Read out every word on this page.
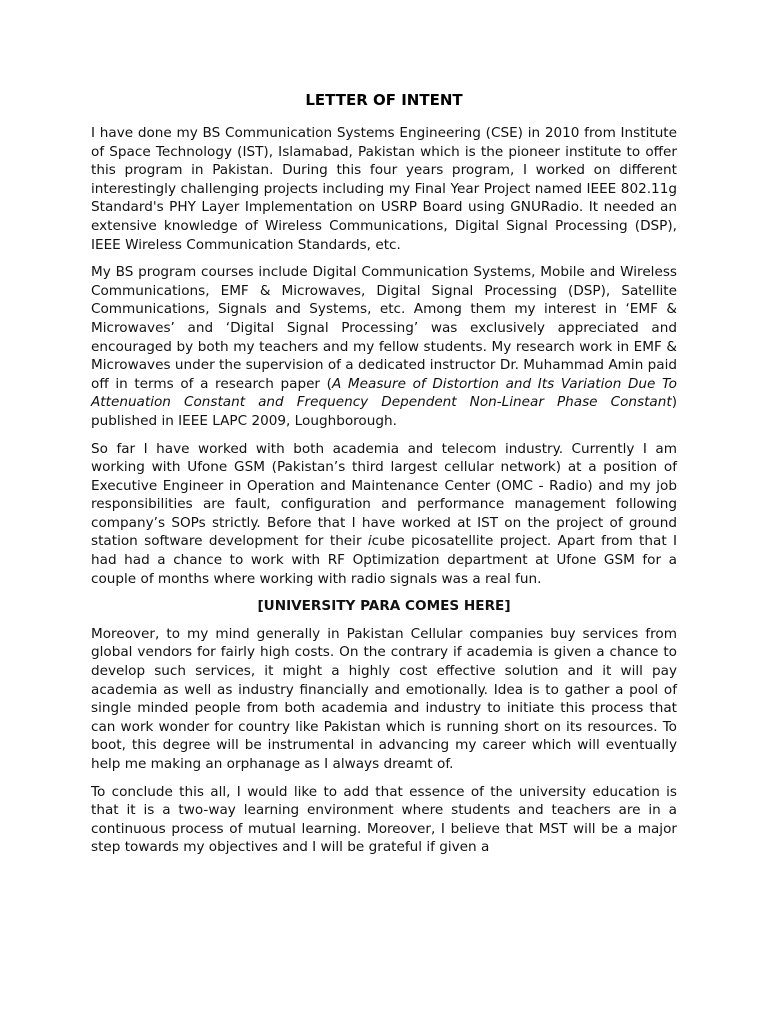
LETTER OF INTENT

I have done my BS Communication Systems Engineering (CSE) in 2010 from Institute of Space Technology (IST), Islamabad, Pakistan which is the pioneer institute to offer this program in Pakistan. During this four years program, I worked on different interestingly challenging projects including my Final Year Project named IEEE 802.11g Standard's PHY Layer Implementation on USRP Board using GNURadio. It needed an extensive knowledge of Wireless Communications, Digital Signal Processing (DSP), IEEE Wireless Communication Standards, etc.

My BS program courses include Digital Communication Systems, Mobile and Wireless Communications, EMF & Microwaves, Digital Signal Processing (DSP), Satellite Communications, Signals and Systems, etc. Among them my interest in ‘EMF & Microwaves’ and ‘Digital Signal Processing’ was exclusively appreciated and encouraged by both my teachers and my fellow students. My research work in EMF & Microwaves under the supervision of a dedicated instructor Dr. Muhammad Amin paid off in terms of a research paper (A Measure of Distortion and Its Variation Due To Attenuation Constant and Frequency Dependent Non-Linear Phase Constant) published in IEEE LAPC 2009, Loughborough.

So far I have worked with both academia and telecom industry. Currently I am working with Ufone GSM (Pakistan’s third largest cellular network) at a position of Executive Engineer in Operation and Maintenance Center (OMC - Radio) and my job responsibilities are fault, configuration and performance management following company’s SOPs strictly. Before that I have worked at IST on the project of ground station software development for their icube picosatellite project. Apart from that I had had a chance to work with RF Optimization department at Ufone GSM for a couple of months where working with radio signals was a real fun.

[UNIVERSITY PARA COMES HERE]

Moreover, to my mind generally in Pakistan Cellular companies buy services from global vendors for fairly high costs. On the contrary if academia is given a chance to develop such services, it might a highly cost effective solution and it will pay academia as well as industry financially and emotionally. Idea is to gather a pool of single minded people from both academia and industry to initiate this process that can work wonder for country like Pakistan which is running short on its resources. To boot, this degree will be instrumental in advancing my career which will eventually help me making an orphanage as I always dreamt of.

To conclude this all, I would like to add that essence of the university education is that it is a two-way learning environment where students and teachers are in a continuous process of mutual learning. Moreover, I believe that MST will be a major step towards my objectives and I will be grateful if given a
